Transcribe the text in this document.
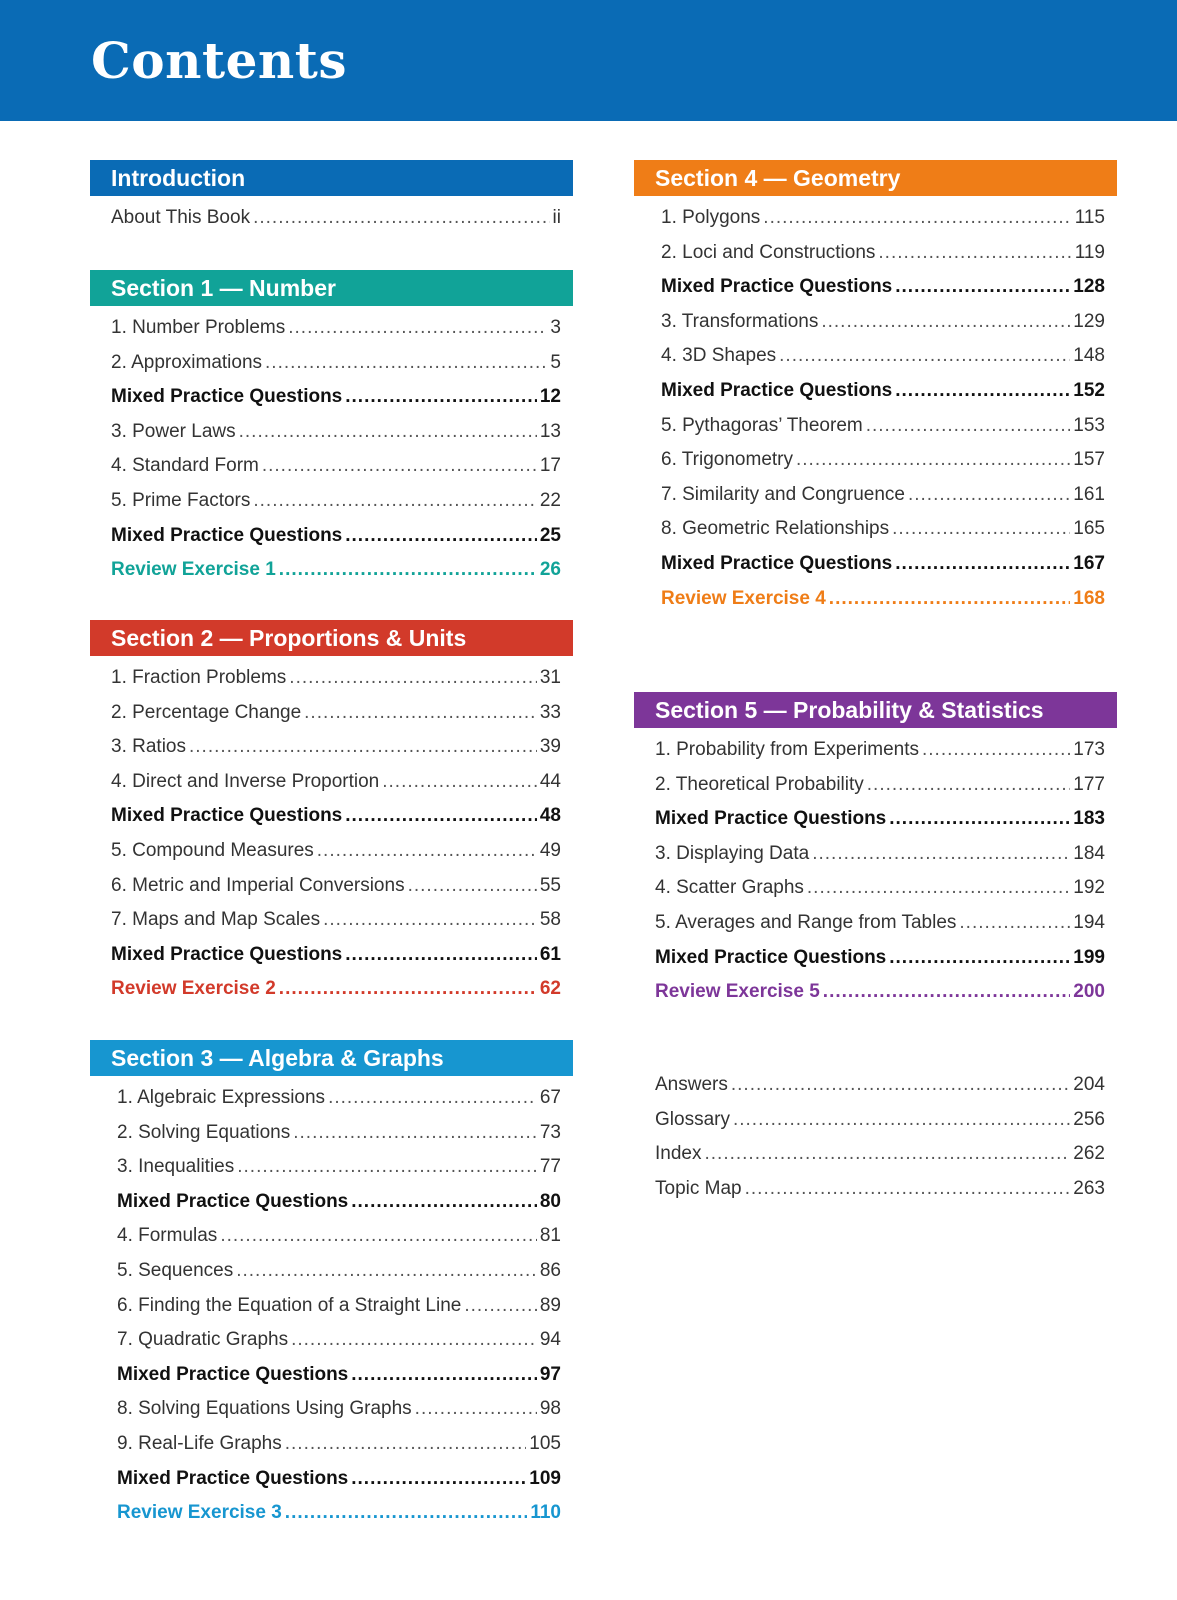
Contents
Introduction
About This Book .....	ii
Section 1 — Number
1. Number Problems .....	3
2. Approximations .....	5
Mixed Practice Questions .....	12
3. Power Laws .....	13
4. Standard Form .....	17
5. Prime Factors .....	22
Mixed Practice Questions .....	25
Review Exercise 1 .....	26
Section 2 — Proportions & Units
1. Fraction Problems .....	31
2. Percentage Change .....	33
3. Ratios .....	39
4. Direct and Inverse Proportion .....	44
Mixed Practice Questions .....	48
5. Compound Measures .....	49
6. Metric and Imperial Conversions .....	55
7. Maps and Map Scales .....	58
Mixed Practice Questions .....	61
Review Exercise 2 .....	62
Section 3 — Algebra & Graphs
1. Algebraic Expressions .....	67
2. Solving Equations .....	73
3. Inequalities .....	77
Mixed Practice Questions .....	80
4. Formulas .....	81
5. Sequences .....	86
6. Finding the Equation of a Straight Line .....	89
7. Quadratic Graphs .....	94
Mixed Practice Questions .....	97
8. Solving Equations Using Graphs .....	98
9. Real-Life Graphs .....	105
Mixed Practice Questions .....	109
Review Exercise 3 .....	110
Section 4 — Geometry
1. Polygons .....	115
2. Loci and Constructions .....	119
Mixed Practice Questions .....	128
3. Transformations .....	129
4. 3D Shapes .....	148
Mixed Practice Questions .....	152
5. Pythagoras’ Theorem .....	153
6. Trigonometry .....	157
7. Similarity and Congruence .....	161
8. Geometric Relationships .....	165
Mixed Practice Questions .....	167
Review Exercise 4 .....	168
Section 5 — Probability & Statistics
1. Probability from Experiments .....	173
2. Theoretical Probability .....	177
Mixed Practice Questions .....	183
3. Displaying Data .....	184
4. Scatter Graphs .....	192
5. Averages and Range from Tables .....	194
Mixed Practice Questions .....	199
Review Exercise 5 .....	200
Answers .....	204
Glossary .....	256
Index .....	262
Topic Map .....	263
